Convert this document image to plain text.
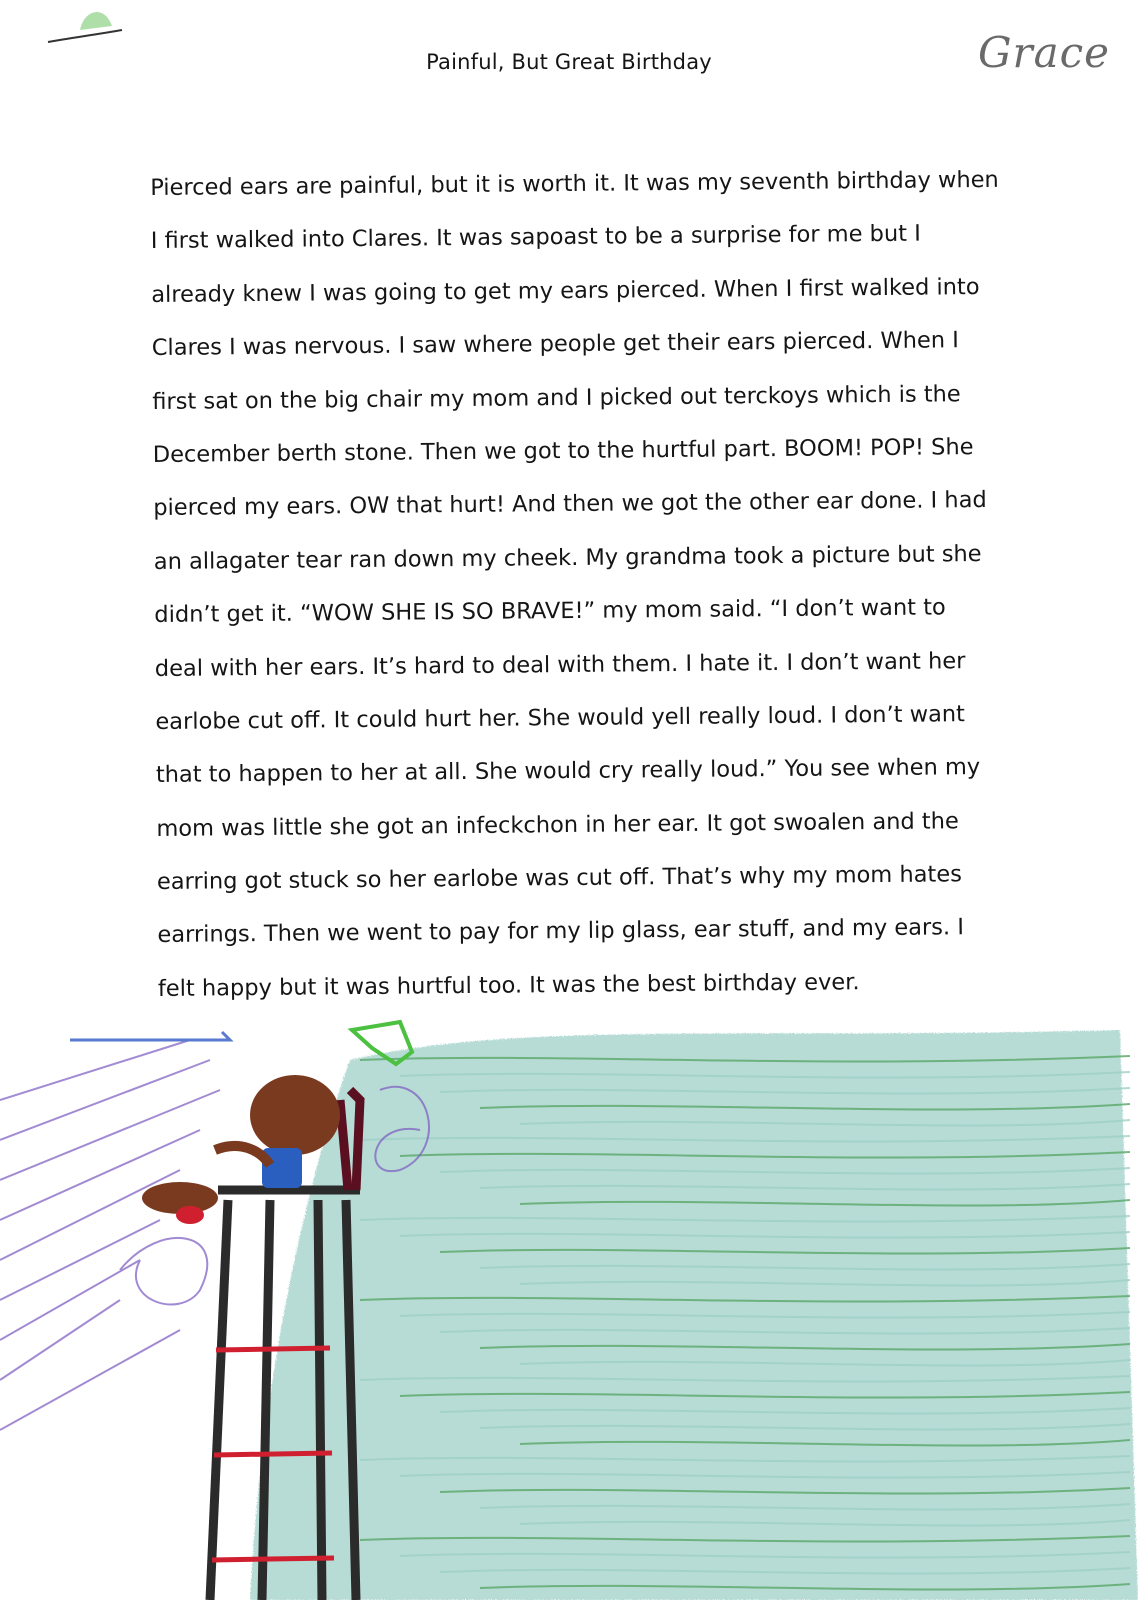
Painful, But Great Birthday	Grace
Pierced ears are painful, but it is worth it. It was my seventh birthday when
I first walked into Clares. It was sapoast to be a surprise for me but I
already knew I was going to get my ears pierced. When I first walked into
Clares I was nervous. I saw where people get their ears pierced. When I
first sat on the big chair my mom and I picked out terckoys which is the
December berth stone. Then we got to the hurtful part. BOOM! POP! She
pierced my ears. OW that hurt! And then we got the other ear done. I had
an allagater tear ran down my cheek. My grandma took a picture but she
didn’t get it. “WOW SHE IS SO BRAVE!” my mom said. “I don’t want to
deal with her ears. It’s hard to deal with them. I hate it. I don’t want her
earlobe cut off. It could hurt her. She would yell really loud. I don’t want
that to happen to her at all. She would cry really loud.” You see when my
mom was little she got an infeckchon in her ear. It got swoalen and the
earring got stuck so her earlobe was cut off. That’s why my mom hates
earrings. Then we went to pay for my lip glass, ear stuff, and my ears. I
felt happy but it was hurtful too. It was the best birthday ever.
